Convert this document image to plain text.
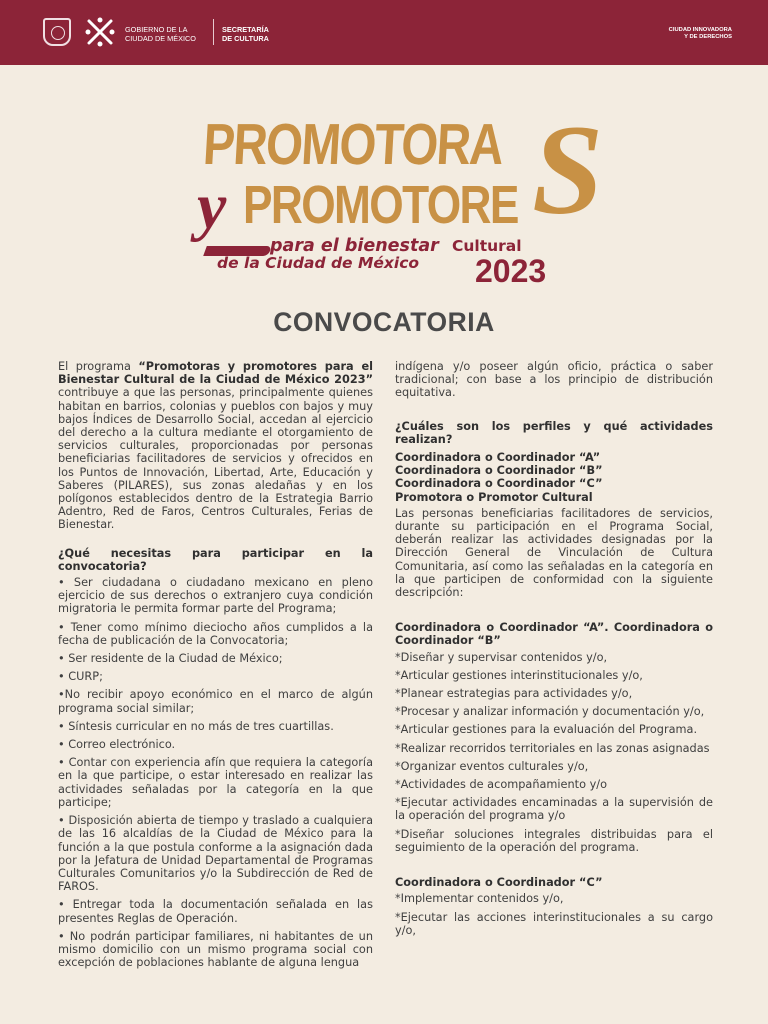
GOBIERNO DE LA
CIUDAD DE MÉXICO
SECRETARÍA
DE CULTURA
CIUDAD INNOVADORA
Y DE DERECHOS
PROMOTORA S
y PROMOTORE
para el bienestar Cultural
de la Ciudad de México 2023
CONVOCATORIA

El programa “Promotoras y promotores para el Bienestar Cultural de la Ciudad de México 2023” contribuye a que las personas, principalmente quienes habitan en barrios, colonias y pueblos con bajos y muy bajos Índices de Desarrollo Social, accedan al ejercicio del derecho a la cultura mediante el otorgamiento de servicios culturales, proporcionadas por personas beneficiarias facilitadores de servicios y ofrecidos en los Puntos de Innovación, Libertad, Arte, Educación y Saberes (PILARES), sus zonas aledañas y en los polígonos establecidos dentro de la Estrategia Barrio Adentro, Red de Faros, Centros Culturales, Ferias de Bienestar.

¿Qué necesitas para participar en la convocatoria?

• Ser ciudadana o ciudadano mexicano en pleno ejercicio de sus derechos o extranjero cuya condición migratoria le permita formar parte del Programa;

• Tener como mínimo dieciocho años cumplidos a la fecha de publicación de la Convocatoria;

• Ser residente de la Ciudad de México;

• CURP;

•No recibir apoyo económico en el marco de algún programa social similar;

• Síntesis curricular en no más de tres cuartillas.

• Correo electrónico.

• Contar con experiencia afín que requiera la categoría en la que participe, o estar interesado en realizar las actividades señaladas por la categoría en la que participe;

• Disposición abierta de tiempo y traslado a cualquiera de las 16 alcaldías de la Ciudad de México para la función a la que postula conforme a la asignación dada por la Jefatura de Unidad Departamental de Programas Culturales Comunitarios y/o la Subdirección de Red de FAROS.

• Entregar toda la documentación señalada en las presentes Reglas de Operación.

• No podrán participar familiares, ni habitantes de un mismo domicilio con un mismo programa social con excepción de poblaciones hablante de alguna lengua

indígena y/o poseer algún oficio, práctica o saber tradicional; con base a los principio de distribución equitativa.

¿Cuáles son los perfiles y qué actividades realizan?

Coordinadora o Coordinador “A”

Coordinadora o Coordinador “B”

Coordinadora o Coordinador “C”

Promotora o Promotor Cultural

Las personas beneficiarias facilitadores de servicios, durante su participación en el Programa Social, deberán realizar las actividades designadas por la Dirección General de Vinculación de Cultura Comunitaria, así como las señaladas en la categoría en la que participen de conformidad con la siguiente descripción:

Coordinadora o Coordinador “A”. Coordinadora o Coordinador “B”

*Diseñar y supervisar contenidos y/o,

*Articular gestiones interinstitucionales y/o,

*Planear estrategias para actividades y/o,

*Procesar y analizar información y documentación y/o,

*Articular gestiones para la evaluación del Programa.

*Realizar recorridos territoriales en las zonas asignadas

*Organizar eventos culturales y/o,

*Actividades de acompañamiento y/o

*Ejecutar actividades encaminadas a la supervisión de la operación del programa y/o

*Diseñar soluciones integrales distribuidas para el seguimiento de la operación del programa.

Coordinadora o Coordinador “C”

*Implementar contenidos y/o,

*Ejecutar las acciones interinstitucionales a su cargo y/o,
